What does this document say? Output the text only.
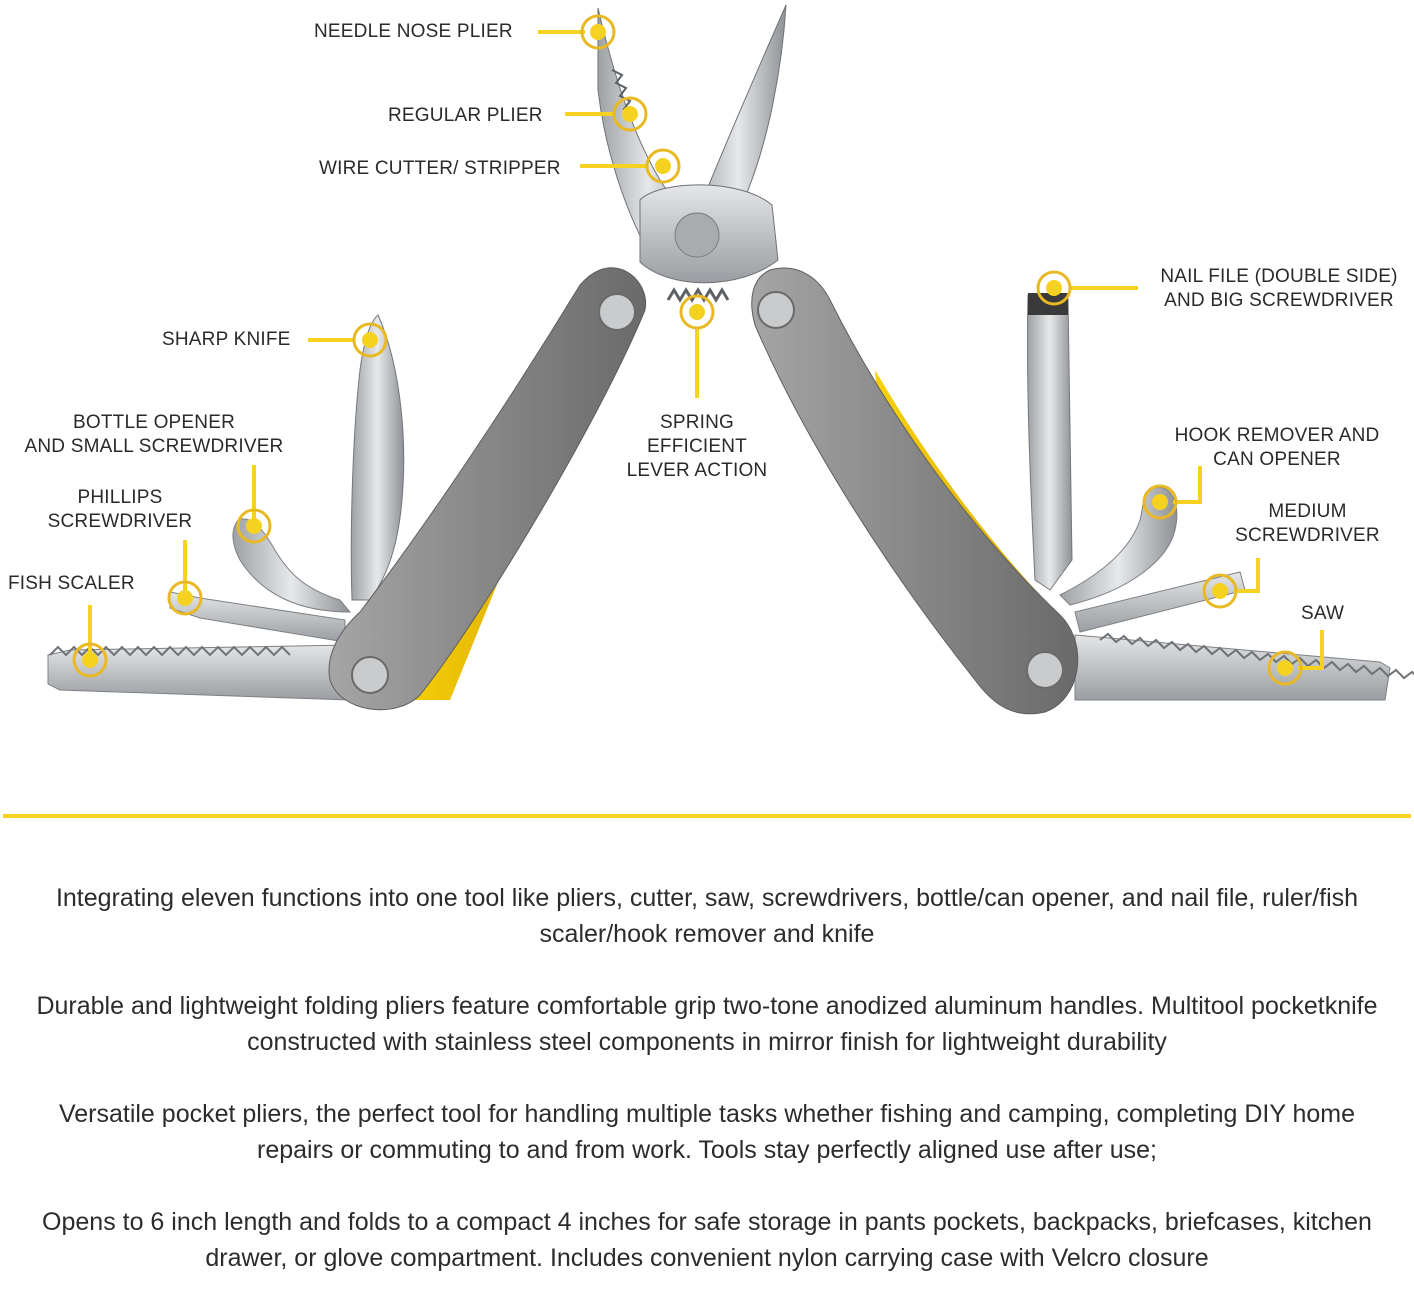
NEEDLE NOSE PLIER
REGULAR PLIER
WIRE CUTTER/ STRIPPER
NAIL FILE (DOUBLE SIDE)
AND BIG SCREWDRIVER
SHARP KNIFE
BOTTLE OPENER
AND SMALL SCREWDRIVER
SPRING
EFFICIENT
LEVER ACTION
HOOK REMOVER AND
CAN OPENER
PHILLIPS
SCREWDRIVER	MEDIUM
SCREWDRIVER
FISH SCALER
SAW

Integrating eleven functions into one tool like pliers, cutter, saw, screwdrivers, bottle/can opener, and nail file, ruler/fish scaler/hook remover and knife

Durable and lightweight folding pliers feature comfortable grip two-tone anodized aluminum handles. Multitool pocketknife constructed with stainless steel components in mirror finish for lightweight durability

Versatile pocket pliers, the perfect tool for handling multiple tasks whether fishing and camping, completing DIY home repairs or commuting to and from work. Tools stay perfectly aligned use after use;

Opens to 6 inch length and folds to a compact 4 inches for safe storage in pants pockets, backpacks, briefcases, kitchen drawer, or glove compartment. Includes convenient nylon carrying case with Velcro closure
